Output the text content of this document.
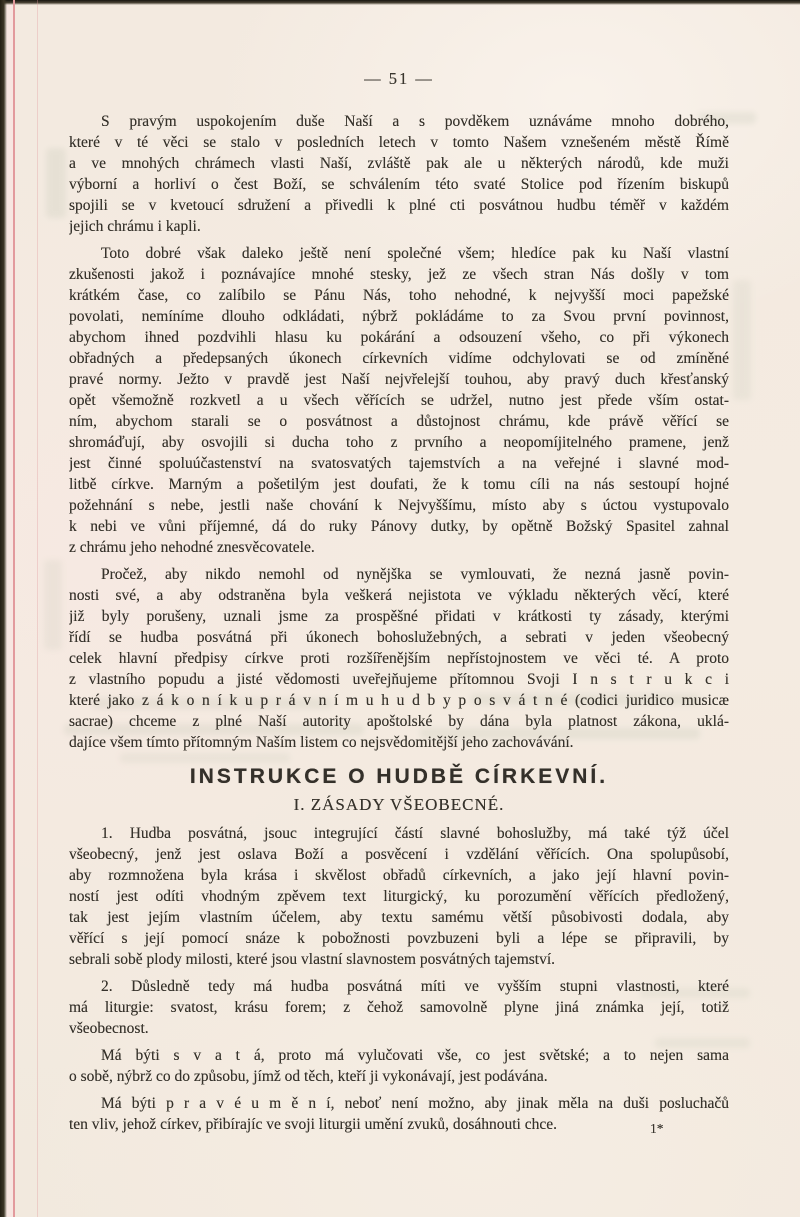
— 51 —
S pravým uspokojením duše Naší a s povděkem uznáváme mnoho dobrého,
které v té věci se stalo v posledních letech v tomto Našem vznešeném městě Římě
a ve mnohých chrámech vlasti Naší, zvláště pak ale u některých národů, kde muži
výborní a horliví o čest Boží, se schválením této svaté Stolice pod řízením biskupů
spojili se v kvetoucí sdružení a přivedli k plné cti posvátnou hudbu téměř v každém
jejich chrámu i kapli.
Toto dobré však daleko ještě není společné všem; hledíce pak ku Naší vlastní
zkušenosti jakož i poznávajíce mnohé stesky, jež ze všech stran Nás došly v tom
krátkém čase, co zalíbilo se Pánu Nás, toho nehodné, k nejvyšší moci papežské
povolati, nemíníme dlouho odkládati, nýbrž pokládáme to za Svou první povinnost,
abychom ihned pozdvihli hlasu ku pokárání a odsouzení všeho, co při výkonech
obřadných a předepsaných úkonech církevních vidíme odchylovati se od zmíněné
pravé normy. Ježto v pravdě jest Naší nejvřelejší touhou, aby pravý duch křesťanský
opět všemožně rozkvetl a u všech věřících se udržel, nutno jest přede vším ostat-
ním, abychom starali se o posvátnost a důstojnost chrámu, kde právě věřící se
shromáďují, aby osvojili si ducha toho z prvního a neopomíjitelného pramene, jenž
jest činné spoluúčastenství na svatosvatých tajemstvích a na veřejné i slavné mod-
litbě církve. Marným a pošetilým jest doufati, že k tomu cíli na nás sestoupí hojné
požehnání s nebe, jestli naše chování k Nejvyššímu, místo aby s úctou vystupovalo
k nebi ve vůni příjemné, dá do ruky Pánovy dutky, by opětně Božský Spasitel zahnal
z chrámu jeho nehodné znesvěcovatele.
Pročež, aby nikdo nemohl od nynějška se vymlouvati, že nezná jasně povin-
nosti své, a aby odstraněna byla veškerá nejistota ve výkladu některých věcí, které
již byly porušeny, uznali jsme za prospěšné přidati v krátkosti ty zásady, kterými
řídí se hudba posvátná při úkonech bohoslužebných, a sebrati v jeden všeobecný
celek hlavní předpisy církve proti rozšířenějším nepřístojnostem ve věci té. A proto
z vlastního popudu a jisté vědomosti uveřejňujeme přítomnou Svoji I n s t r u k c i
které jako z á k o n í k u p r á v n í m u h u d b y p o s v á t n é (codici juridico musicæ
sacrae) chceme z plné Naší autority apoštolské by dána byla platnost zákona, uklá-
dajíce všem tímto přítomným Naším listem co nejsvědomitější jeho zachovávání.
INSTRUKCE O HUDBĚ CÍRKEVNÍ.
I. ZÁSADY VŠEOBECNÉ.
1. Hudba posvátná, jsouc integrující částí slavné bohoslužby, má také týž účel
všeobecný, jenž jest oslava Boží a posvěcení i vzdělání věřících. Ona spolupůsobí,
aby rozmnožena byla krása i skvělost obřadů církevních, a jako její hlavní povin-
ností jest odíti vhodným zpěvem text liturgický, ku porozumění věřících předložený,
tak jest jejím vlastním účelem, aby textu samému větší působivosti dodala, aby
věřící s její pomocí snáze k pobožnosti povzbuzeni byli a lépe se připravili, by
sebrali sobě plody milosti, které jsou vlastní slavnostem posvátných tajemství.
2. Důsledně tedy má hudba posvátná míti ve vyšším stupni vlastnosti, které
má liturgie: svatost, krásu forem; z čehož samovolně plyne jiná známka její, totiž
všeobecnost.
Má býti s v a t á, proto má vylučovati vše, co jest světské; a to nejen sama
o sobě, nýbrž co do způsobu, jímž od těch, kteří ji vykonávají, jest podávána.
Má býti p r a v é u m ě n í, neboť není možno, aby jinak měla na duši posluchačů
ten vliv, jehož církev, přibírajíc ve svoji liturgii umění zvuků, dosáhnouti chce.	1*
